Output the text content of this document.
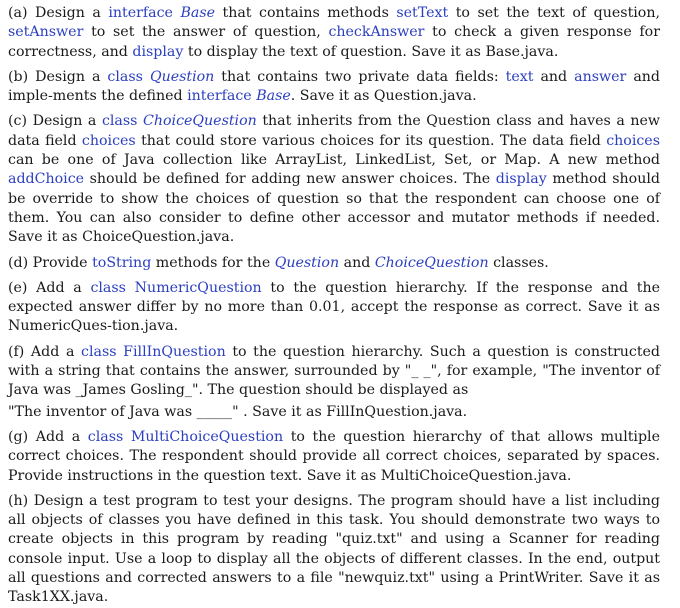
(a) Design a interface Base that contains methods setText to set the text of question, setAnswer to set the answer of question, checkAnswer to check a given response for correctness, and display to display the text of question. Save it as Base.java.

(b) Design a class Question that contains two private data fields: text and answer and imple-ments the defined interface Base. Save it as Question.java.

(c) Design a class ChoiceQuestion that inherits from the Question class and haves a new data field choices that could store various choices for its question. The data field choices can be one of Java collection like ArrayList, LinkedList, Set, or Map. A new method addChoice should be defined for adding new answer choices. The display method should be override to show the choices of question so that the respondent can choose one of them. You can also consider to define other accessor and mutator methods if needed. Save it as ChoiceQuestion.java.

(d) Provide toString methods for the Question and ChoiceQuestion classes.

(e) Add a class NumericQuestion to the question hierarchy. If the response and the expected answer differ by no more than 0.01, accept the response as correct. Save it as NumericQues-tion.java.

(f) Add a class FillInQuestion to the question hierarchy. Such a question is constructed with a string that contains the answer, surrounded by "_ _", for example, "The inventor of Java was _James Gosling_". The question should be displayed as

"The inventor of Java was _____" . Save it as FillInQuestion.java.

(g) Add a class MultiChoiceQuestion to the question hierarchy of that allows multiple correct choices. The respondent should provide all correct choices, separated by spaces. Provide instructions in the question text. Save it as MultiChoiceQuestion.java.

(h) Design a test program to test your designs. The program should have a list including all objects of classes you have defined in this task. You should demonstrate two ways to create objects in this program by reading "quiz.txt" and using a Scanner for reading console input. Use a loop to display all the objects of different classes. In the end, output all questions and corrected answers to a file "newquiz.txt" using a PrintWriter. Save it as Task1XX.java.
